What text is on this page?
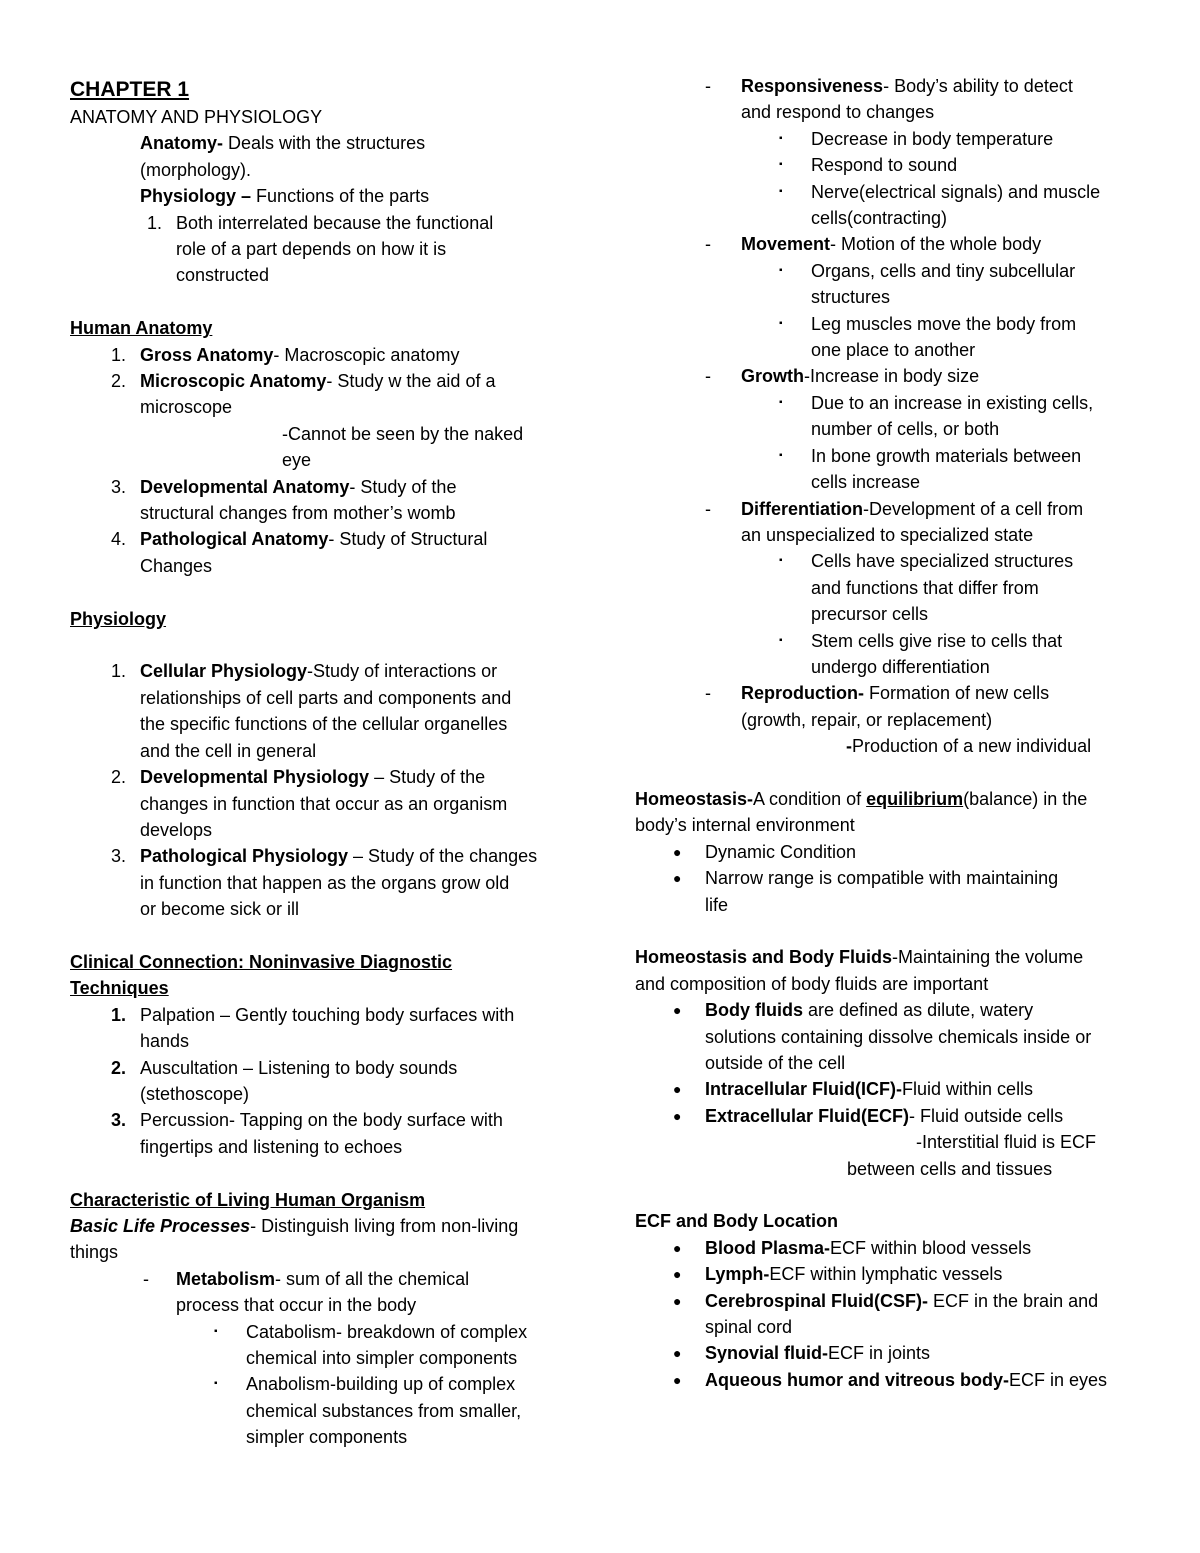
CHAPTER 1
ANATOMY AND PHYSIOLOGY
Anatomy- Deals with the structures
(morphology).
Physiology – Functions of the parts
1. Both interrelated because the functional
role of a part depends on how it is
constructed
Human Anatomy
1. Gross Anatomy- Macroscopic anatomy
2. Microscopic Anatomy- Study w the aid of a
microscope
-Cannot be seen by the naked
eye
3. Developmental Anatomy- Study of the
structural changes from mother’s womb
4. Pathological Anatomy- Study of Structural
Changes
Physiology
1. Cellular Physiology-Study of interactions or
relationships of cell parts and components and
the specific functions of the cellular organelles
and the cell in general
2. Developmental Physiology – Study of the
changes in function that occur as an organism
develops
3. Pathological Physiology – Study of the changes
in function that happen as the organs grow old
or become sick or ill
Clinical Connection: Noninvasive Diagnostic
Techniques
1. Palpation – Gently touching body surfaces with
hands
2. Auscultation – Listening to body sounds
(stethoscope)
3. Percussion- Tapping on the body surface with
fingertips and listening to echoes
Characteristic of Living Human Organism
Basic Life Processes- Distinguish living from non-living
things
- Metabolism- sum of all the chemical
process that occur in the body
▪ Catabolism- breakdown of complex
chemical into simpler components
▪ Anabolism-building up of complex
chemical substances from smaller,
simpler components
- Responsiveness- Body’s ability to detect
and respond to changes
▪ Decrease in body temperature
▪ Respond to sound
▪ Nerve(electrical signals) and muscle
cells(contracting)
- Movement- Motion of the whole body
▪ Organs, cells and tiny subcellular
structures
▪ Leg muscles move the body from
one place to another
- Growth-Increase in body size
▪ Due to an increase in existing cells,
number of cells, or both
▪ In bone growth materials between
cells increase
- Differentiation-Development of a cell from
an unspecialized to specialized state
▪ Cells have specialized structures
and functions that differ from
precursor cells
▪ Stem cells give rise to cells that
undergo differentiation
- Reproduction- Formation of new cells
(growth, repair, or replacement)
-Production of a new individual
Homeostasis-A condition of equilibrium(balance) in the
body’s internal environment
● Dynamic Condition
● Narrow range is compatible with maintaining
life
Homeostasis and Body Fluids-Maintaining the volume
and composition of body fluids are important
● Body fluids are defined as dilute, watery
solutions containing dissolve chemicals inside or
outside of the cell
● Intracellular Fluid(ICF)-Fluid within cells
● Extracellular Fluid(ECF)- Fluid outside cells
-Interstitial fluid is ECF
between cells and tissues
ECF and Body Location
● Blood Plasma-ECF within blood vessels
● Lymph-ECF within lymphatic vessels
● Cerebrospinal Fluid(CSF)- ECF in the brain and
spinal cord
● Synovial fluid-ECF in joints
● Aqueous humor and vitreous body-ECF in eyes
